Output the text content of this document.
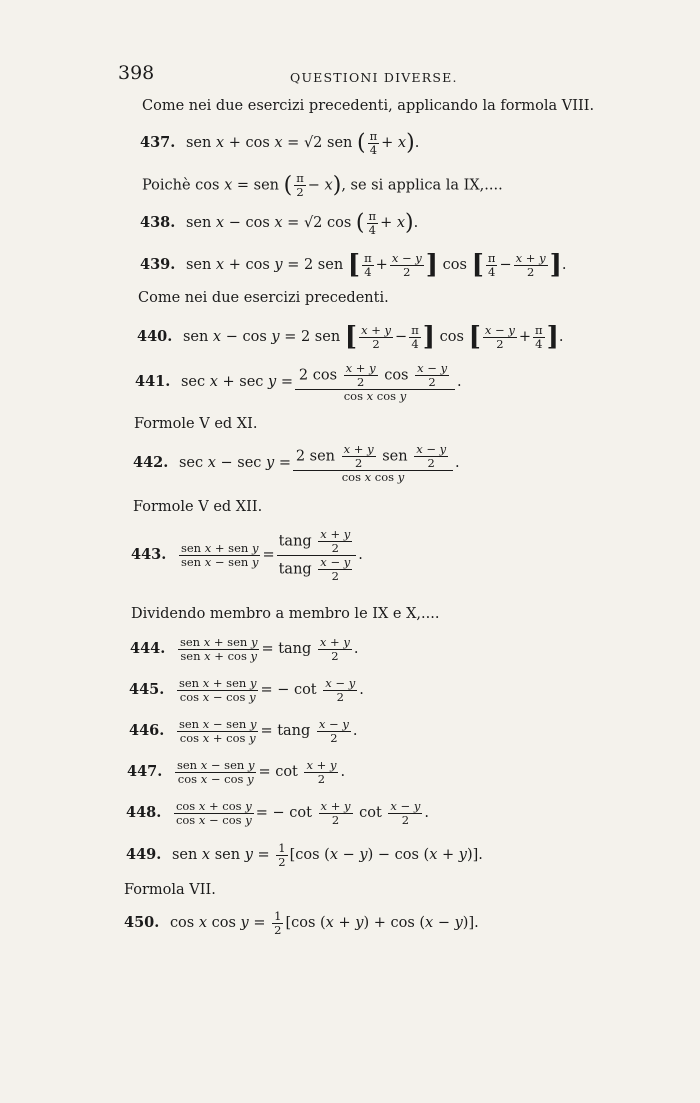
398	QUESTIONI DIVERSE.
Come nei due esercizi precedenti, applicando la formola VIII.
437. sen x + cos x = √2 sen ( $\frac{\pi}{4} + x$).
Poichè cos x = sen ( $\frac{\pi}{2} - x$), se si applica la IX,....
438. sen x − cos x = √2 cos ( $\frac{\pi}{4} + x$).
439. sen x + cos y = 2 sen [ $\frac{\pi}{4} + \frac{x - y}{2}$ ] cos [ $\frac{\pi}{4} - \frac{x + y}{2}$ ].
Come nei due esercizi precedenti.
440. sen x − cos y = 2 sen [ $\frac{x + y}{2} - \frac{\pi}{4}$ ] cos [ $\frac{x - y}{2} + \frac{\pi}{4}$ ].
441. sec x + sec y = 2 $\cos \frac{x + y}{2}$ $\cos \frac{x - y}{2}$
cos x cos y
.
Formole V ed XI.
442. sec x − sec y = 2 sen $\frac{x + y}{2}$ sen $\frac{x - y}{2}$
cos x cos y
.
Formole V ed XII.
443. sen x + sen y
sen x − sen $y = \frac{\tan g \frac{x + y}{2}}{\tan g \frac{x - y}{2}}$ .
Dividendo membro a membro le IX e X,....
444. sen x + sen y
sen x + cos y = tang $\frac{x + y}{2}$ .
445. sen x + sen y
cos x − cos y = − $\cot \frac{x - y}{2}$ .
446. sen x − sen y
cos x + cos y = tang $\frac{x - y}{2}$ .
447. sen x − sen y
$\cos x - \cos y = \cot \frac{x + y}{2}$ .
448. $\frac{\text{cos x + cos y}}{\text{cos x − cos y}}$ = − $\cot \frac{x + y}{2}$ $\cot \frac{x - y}{2}$ .
449. sen x sen $y = \frac{1}{2} [\cos$ (x − y) − cos (x + y)].
Formola VII.
450. cos x $\cos y = \frac{1}{2} [\cos$ (x + y) + cos (x − y)].
